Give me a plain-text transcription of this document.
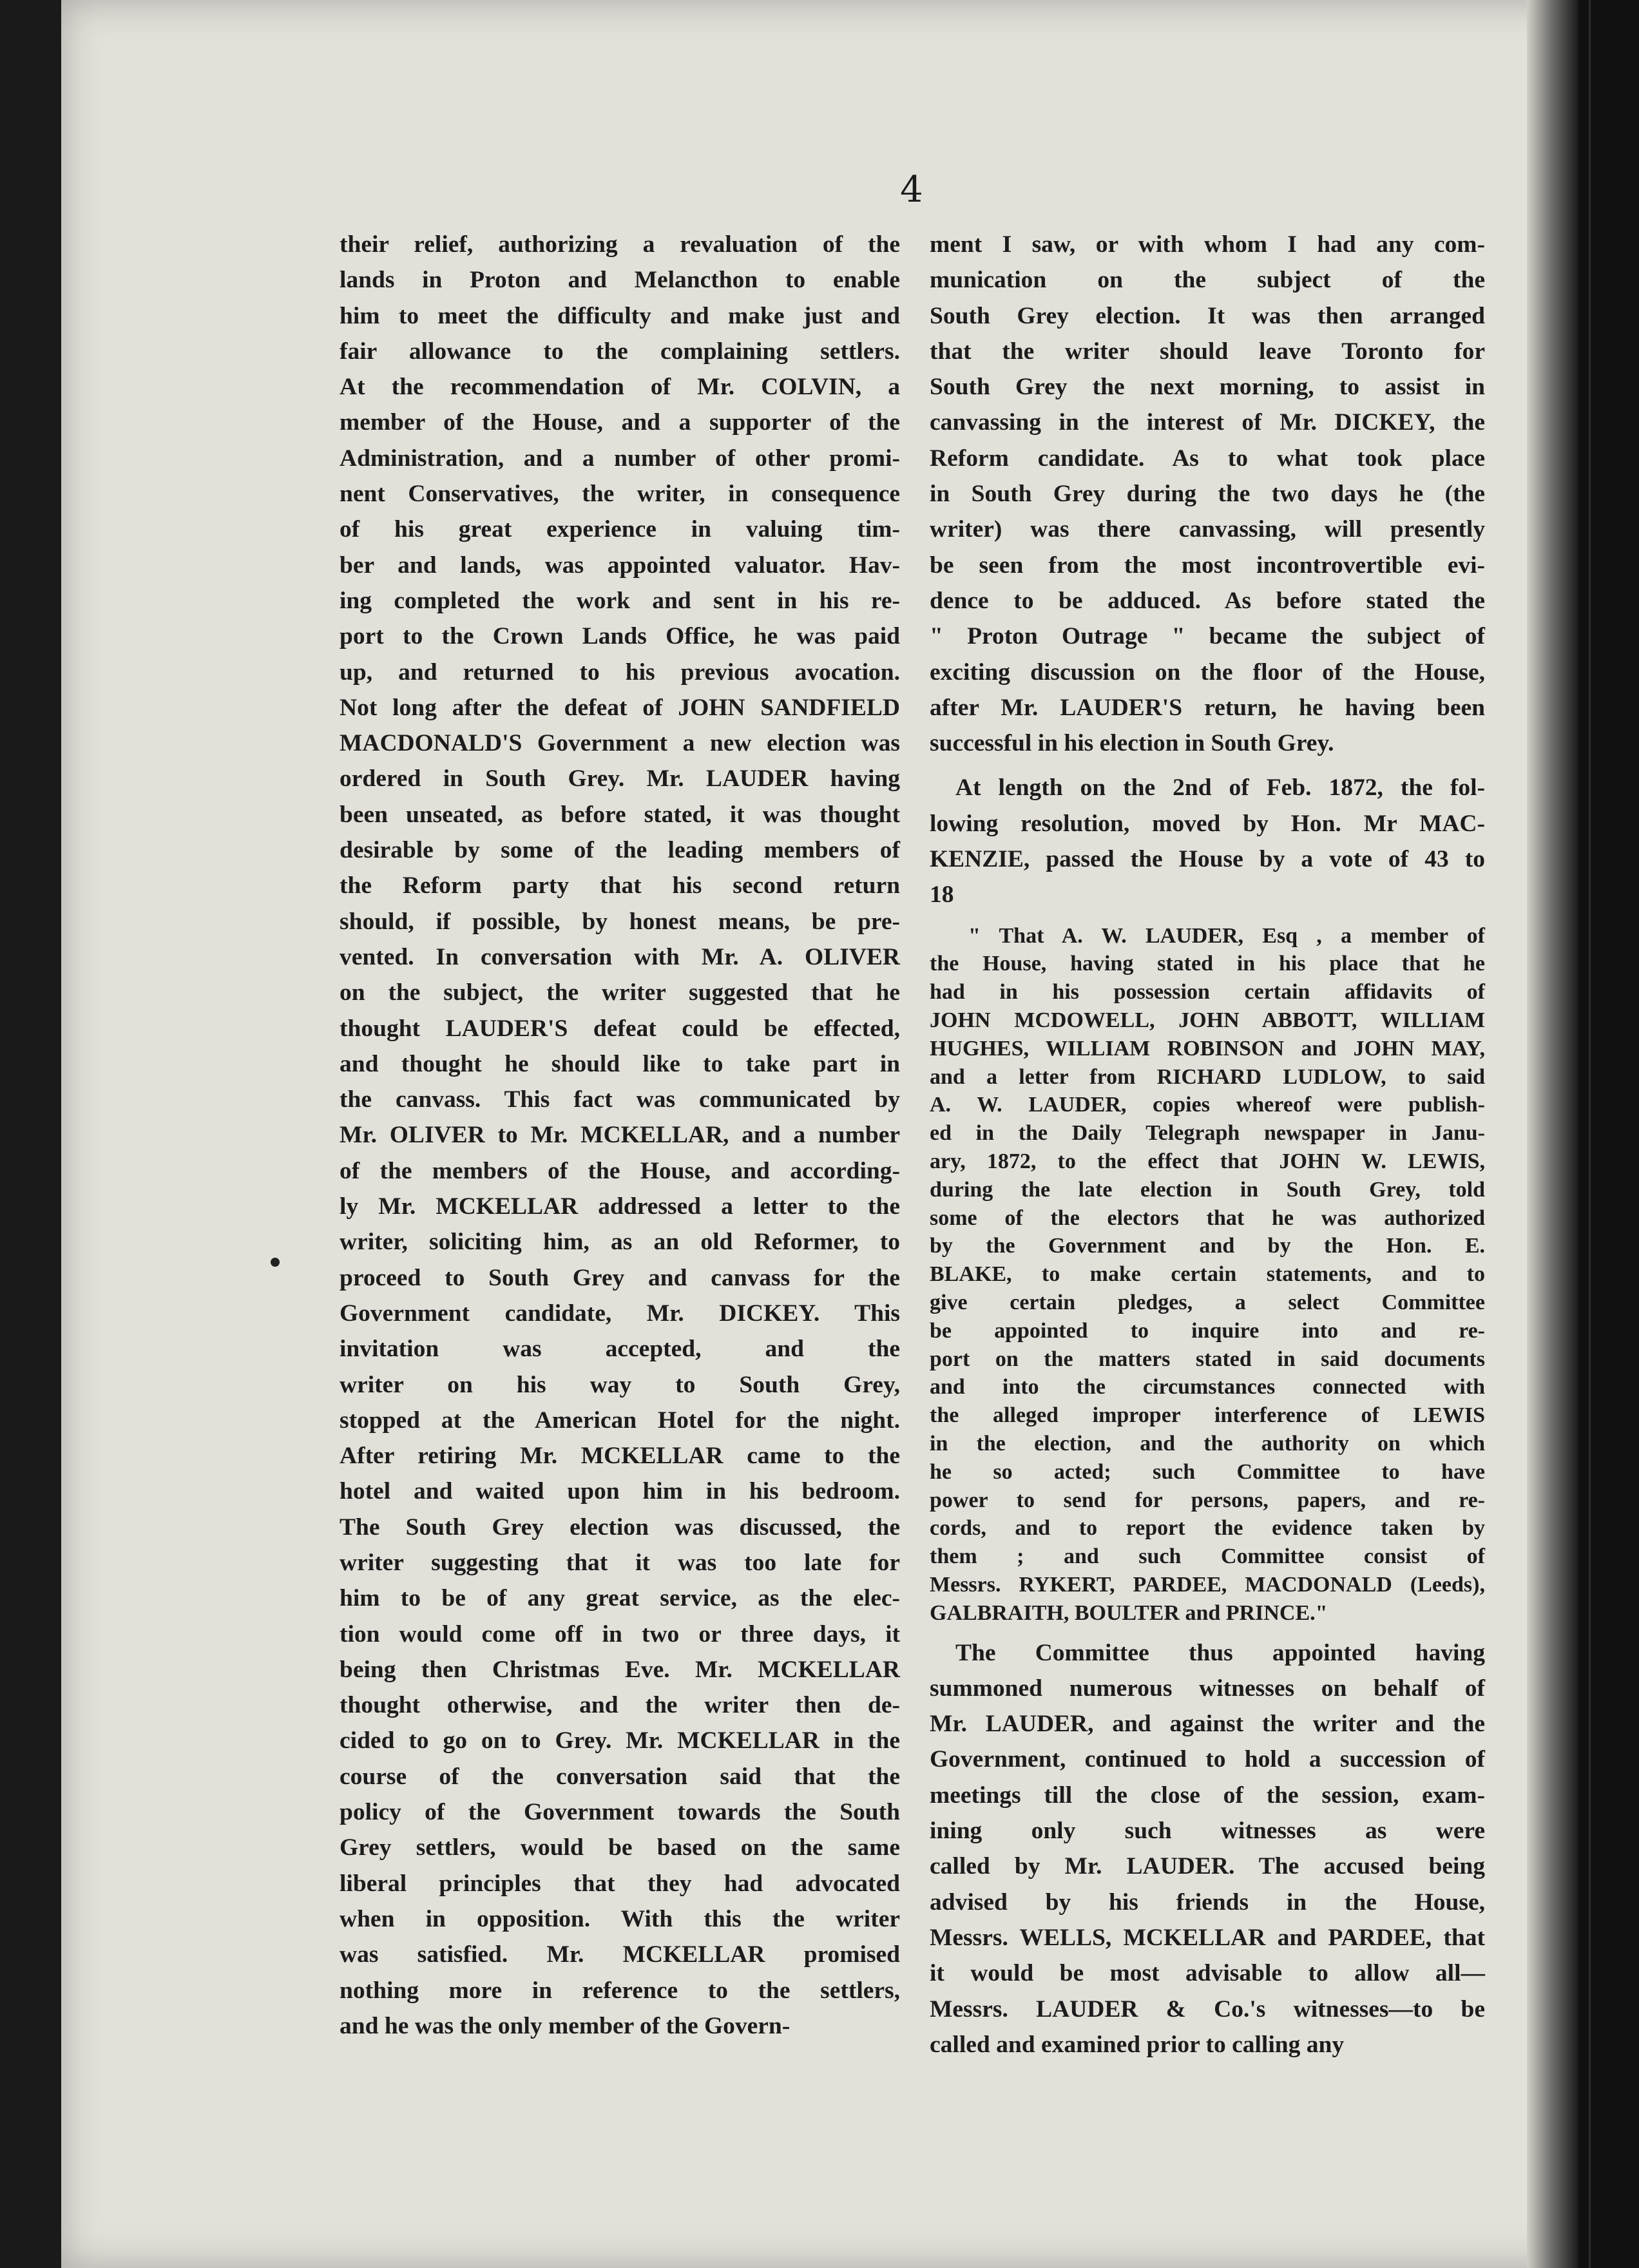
4
their relief, authorizing a revaluation of the
lands in Proton and Melancthon to enable
him to meet the difficulty and make just and
fair allowance to the complaining settlers.
At the recommendation of Mr. COLVIN, a
member of the House, and a supporter of the
Administration, and a number of other promi-
nent Conservatives, the writer, in consequence
of his great experience in valuing tim-
ber and lands, was appointed valuator. Hav-
ing completed the work and sent in his re-
port to the Crown Lands Office, he was paid
up, and returned to his previous avocation.
Not long after the defeat of JOHN SANDFIELD
MACDONALD'S Government a new election was
ordered in South Grey. Mr. LAUDER having
been unseated, as before stated, it was thought
desirable by some of the leading members of
the Reform party that his second return
should, if possible, by honest means, be pre-
vented. In conversation with Mr. A. OLIVER
on the subject, the writer suggested that he
thought LAUDER'S defeat could be effected,
and thought he should like to take part in
the canvass. This fact was communicated by
Mr. OLIVER to Mr. MCKELLAR, and a number
of the members of the House, and according-
ly Mr. MCKELLAR addressed a letter to the
writer, soliciting him, as an old Reformer, to
proceed to South Grey and canvass for the
Government candidate, Mr. DICKEY. This
invitation was accepted, and the
writer on his way to South Grey,
stopped at the American Hotel for the night.
After retiring Mr. MCKELLAR came to the
hotel and waited upon him in his bedroom.
The South Grey election was discussed, the
writer suggesting that it was too late for
him to be of any great service, as the elec-
tion would come off in two or three days, it
being then Christmas Eve. Mr. MCKELLAR
thought otherwise, and the writer then de-
cided to go on to Grey. Mr. MCKELLAR in the
course of the conversation said that the
policy of the Government towards the South
Grey settlers, would be based on the same
liberal principles that they had advocated
when in opposition. With this the writer
was satisfied. Mr. MCKELLAR promised
nothing more in reference to the settlers,
and he was the only member of the Govern-
ment I saw, or with whom I had any com-
munication on the subject of the
South Grey election. It was then arranged
that the writer should leave Toronto for
South Grey the next morning, to assist in
canvassing in the interest of Mr. DICKEY, the
Reform candidate. As to what took place
in South Grey during the two days he (the
writer) was there canvassing, will presently
be seen from the most incontrovertible evi-
dence to be adduced. As before stated the
" Proton Outrage " became the subject of
exciting discussion on the floor of the House,
after Mr. LAUDER'S return, he having been
successful in his election in South Grey.
At length on the 2nd of Feb. 1872, the fol-
lowing resolution, moved by Hon. Mr MAC-
KENZIE, passed the House by a vote of 43 to
18
" That A. W. LAUDER, Esq , a member of
the House, having stated in his place that he
had in his possession certain affidavits of
JOHN MCDOWELL, JOHN ABBOTT, WILLIAM
HUGHES, WILLIAM ROBINSON and JOHN MAY,
and a letter from RICHARD LUDLOW, to said
A. W. LAUDER, copies whereof were publish-
ed in the Daily Telegraph newspaper in Janu-
ary, 1872, to the effect that JOHN W. LEWIS,
during the late election in South Grey, told
some of the electors that he was authorized
by the Government and by the Hon. E.
BLAKE, to make certain statements, and to
give certain pledges, a select Committee
be appointed to inquire into and re-
port on the matters stated in said documents
and into the circumstances connected with
the alleged improper interference of LEWIS
in the election, and the authority on which
he so acted; such Committee to have
power to send for persons, papers, and re-
cords, and to report the evidence taken by
them ; and such Committee consist of
Messrs. RYKERT, PARDEE, MACDONALD (Leeds),
GALBRAITH, BOULTER and PRINCE."
The Committee thus appointed having
summoned numerous witnesses on behalf of
Mr. LAUDER, and against the writer and the
Government, continued to hold a succession of
meetings till the close of the session, exam-
ining only such witnesses as were
called by Mr. LAUDER. The accused being
advised by his friends in the House,
Messrs. WELLS, MCKELLAR and PARDEE, that
it would be most advisable to allow all—
Messrs. LAUDER & Co.'s witnesses—to be
called and examined prior to calling any
